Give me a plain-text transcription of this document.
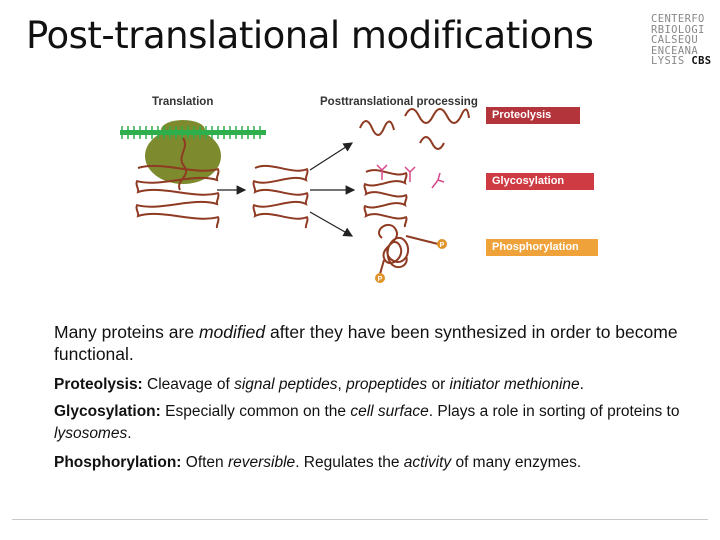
Post-translational modifications	CENTERFO
RBIOLOGI
CALSEQU
ENCEANA
LYSIS CBS
Translation	Posttranslational processing
P
P
Proteolysis
Glycosylation
Phosphorylation
Many proteins are modified after they have been synthesized in order to become functional.
Proteolysis: Cleavage of signal peptides, propeptides or initiator methionine.
Glycosylation: Especially common on the cell surface. Plays a role in sorting of proteins to lysosomes.
Phosphorylation: Often reversible. Regulates the activity of many enzymes.
